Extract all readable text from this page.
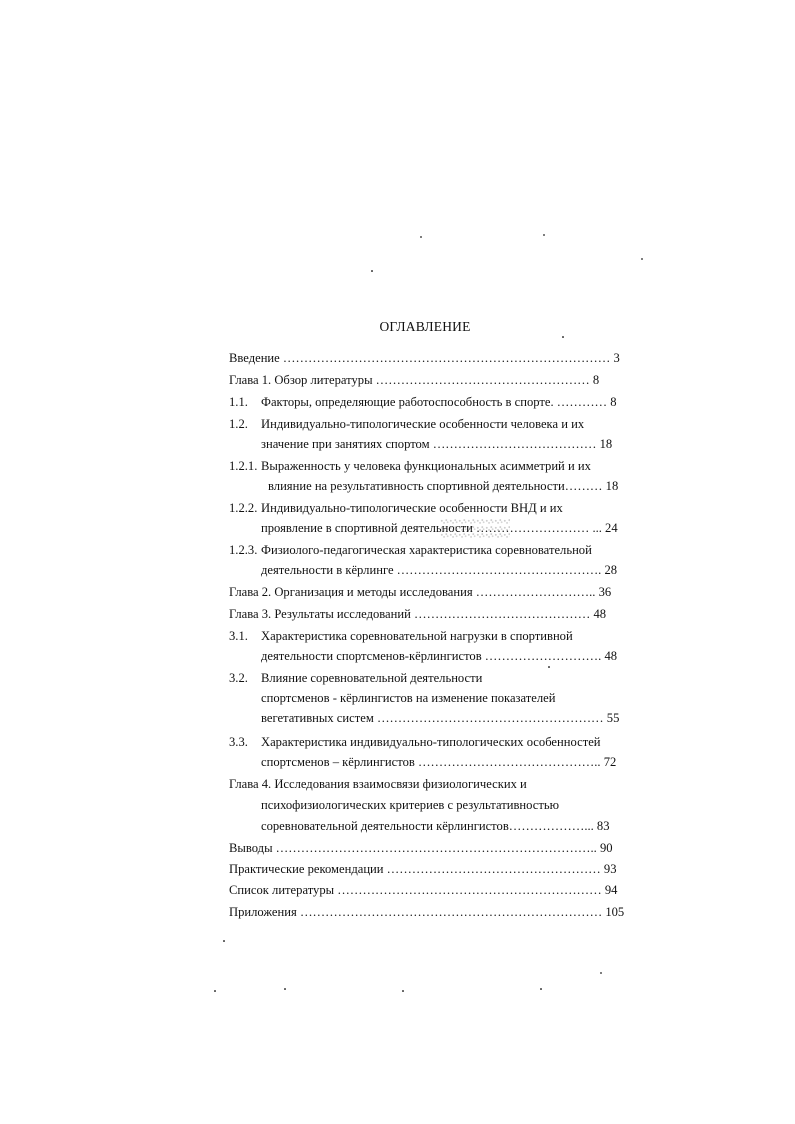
ОГЛАВЛЕНИЕ
Введение …………………………………………………………………… 3
Глава 1. Обзор литературы …………………………………………… 8
1.1. Факторы, определяющие работоспособность в спорте. ………… 8
1.2. Индивидуально-типологические особенности человека и их
значение при занятиях спортом ………………………………… 18
1.2.1. Выраженность у человека функциональных асимметрий и их
влияние на результативность спортивной деятельности……… 18
1.2.2. Индивидуально-типологические особенности ВНД и их
проявление в спортивной деятельности ……………………… ... 24
1.2.3. Физиолого-педагогическая характеристика соревновательной
деятельности в кёрлинге …………………………………………. 28
Глава 2. Организация и методы исследования ……………………….. 36
Глава 3. Результаты исследований …………………………………… 48
3.1. Характеристика соревновательной нагрузки в спортивной
деятельности спортсменов-кёрлингистов ………………………. 48
3.2. Влияние соревновательной деятельности
спортсменов - кёрлингистов на изменение показателей
вегетативных систем ……………………………………………… 55
3.3. Характеристика индивидуально-типологических особенностей
спортсменов – кёрлингистов …………………………………….. 72
Глава 4. Исследования взаимосвязи физиологических и
психофизиологических критериев с результативностью
соревновательной деятельности кёрлингистов………………... 83
Выводы ………………………………………………………………….. 90
Практические рекомендации …………………………………………… 93
Список литературы ……………………………………………………… 94
Приложения ……………………………………………………………… 105
